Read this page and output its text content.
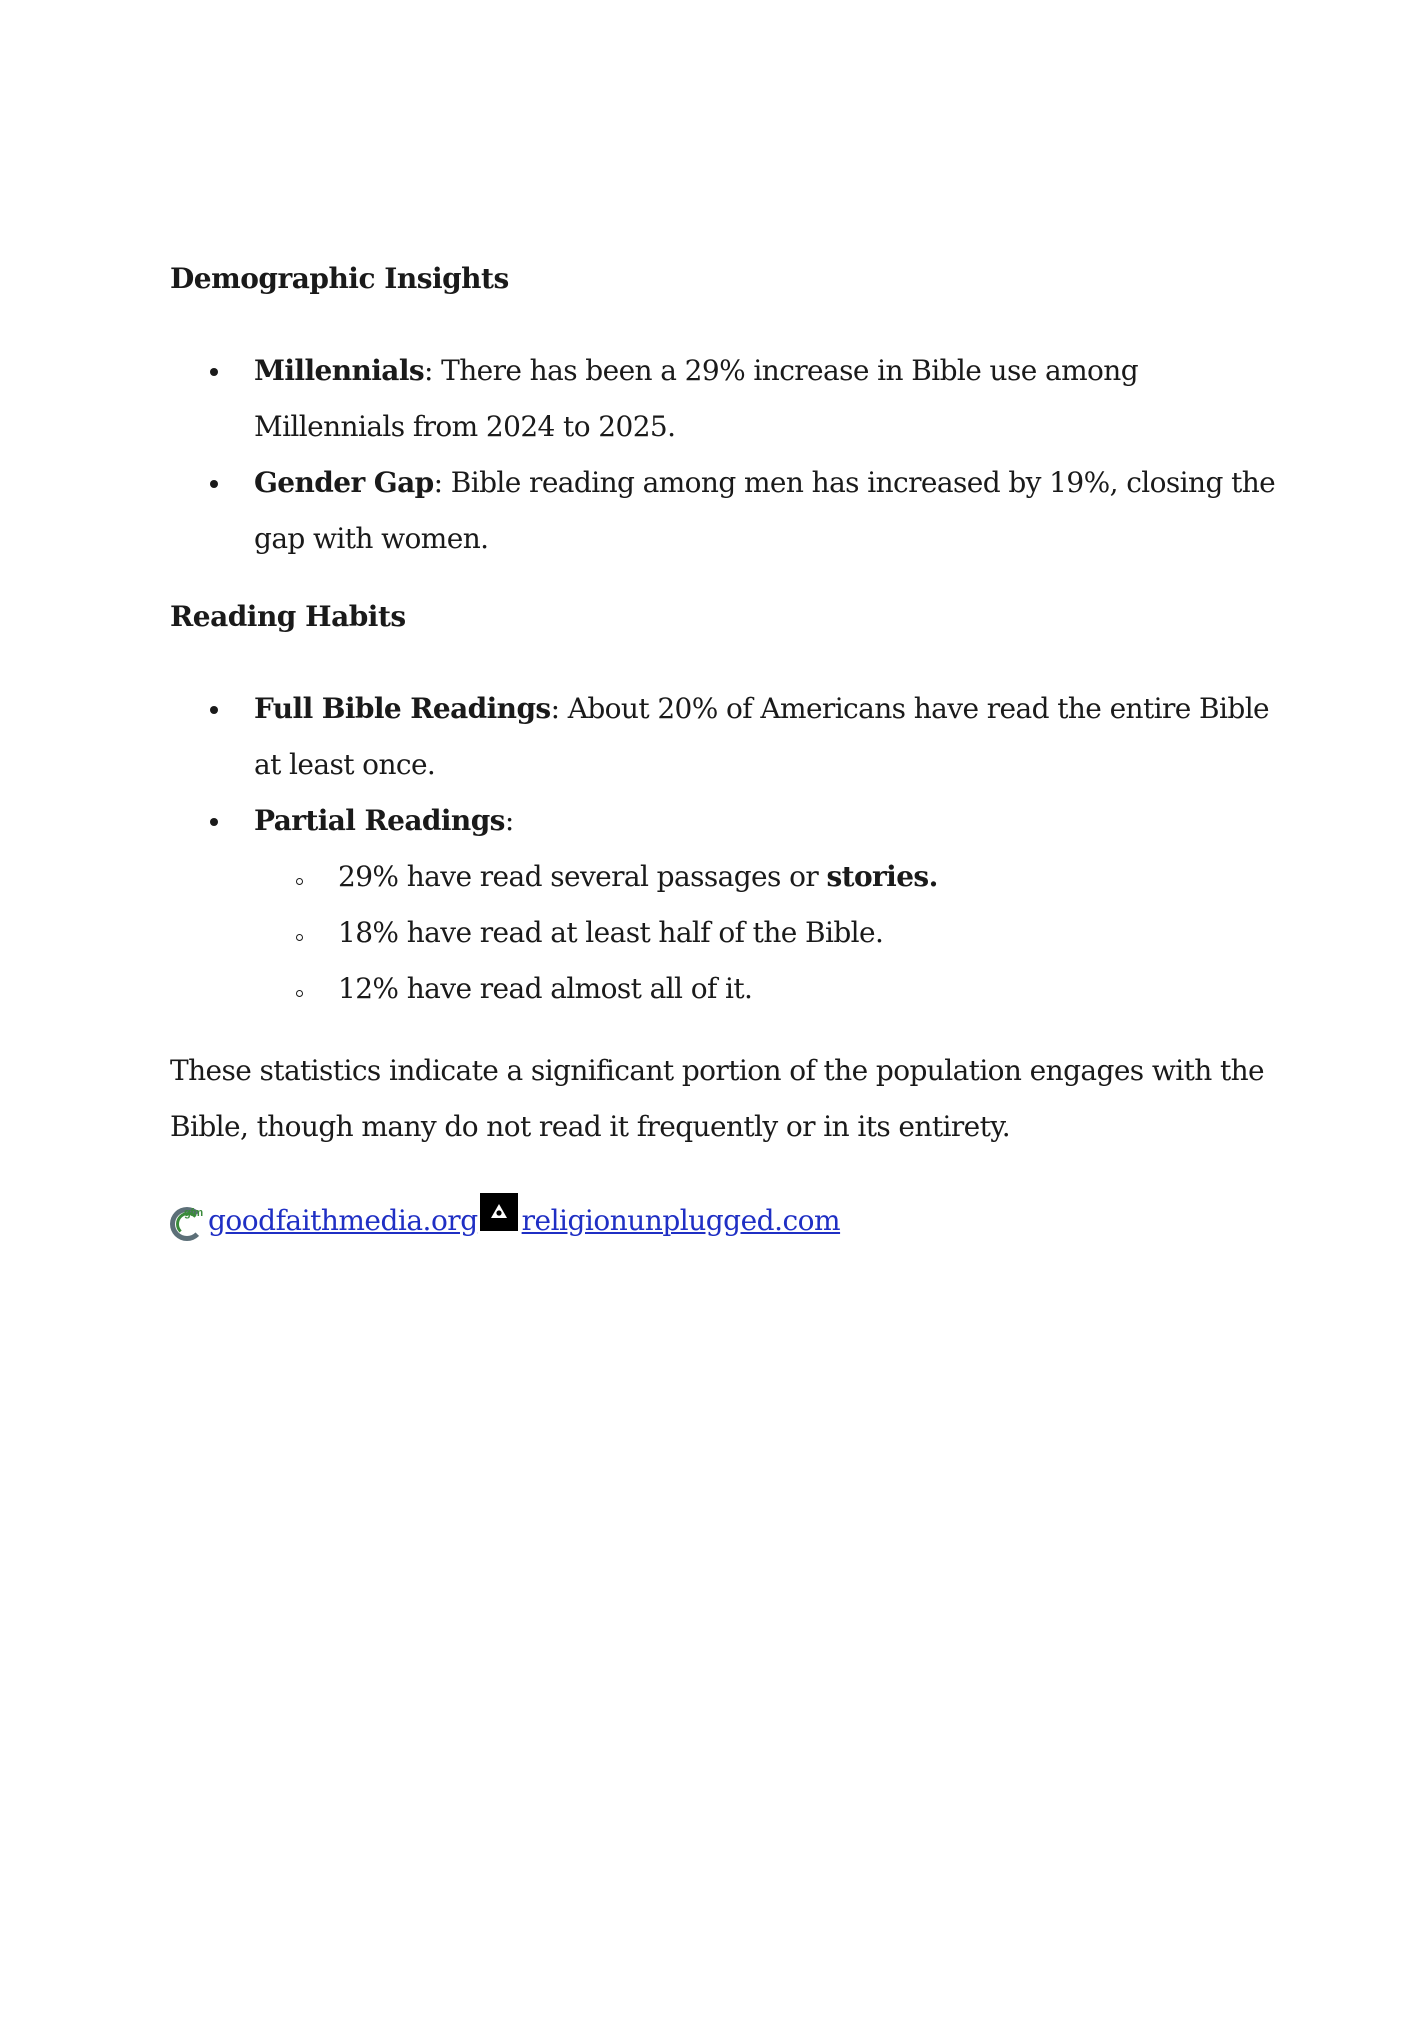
Demographic Insights
Millennials: There has been a 29% increase in Bible use among Millennials from 2024 to 2025.
Gender Gap: Bible reading among men has increased by 19%, closing the gap with women.
Reading Habits
Full Bible Readings: About 20% of Americans have read the entire Bible at least once.
Partial Readings:
29% have read several passages or stories.
18% have read at least half of the Bible.
12% have read almost all of it.

These statistics indicate a significant portion of the population engages with the Bible, though many do not read it frequently or in its entirety.

gfm goodfaithmedia.org religionunplugged.com
